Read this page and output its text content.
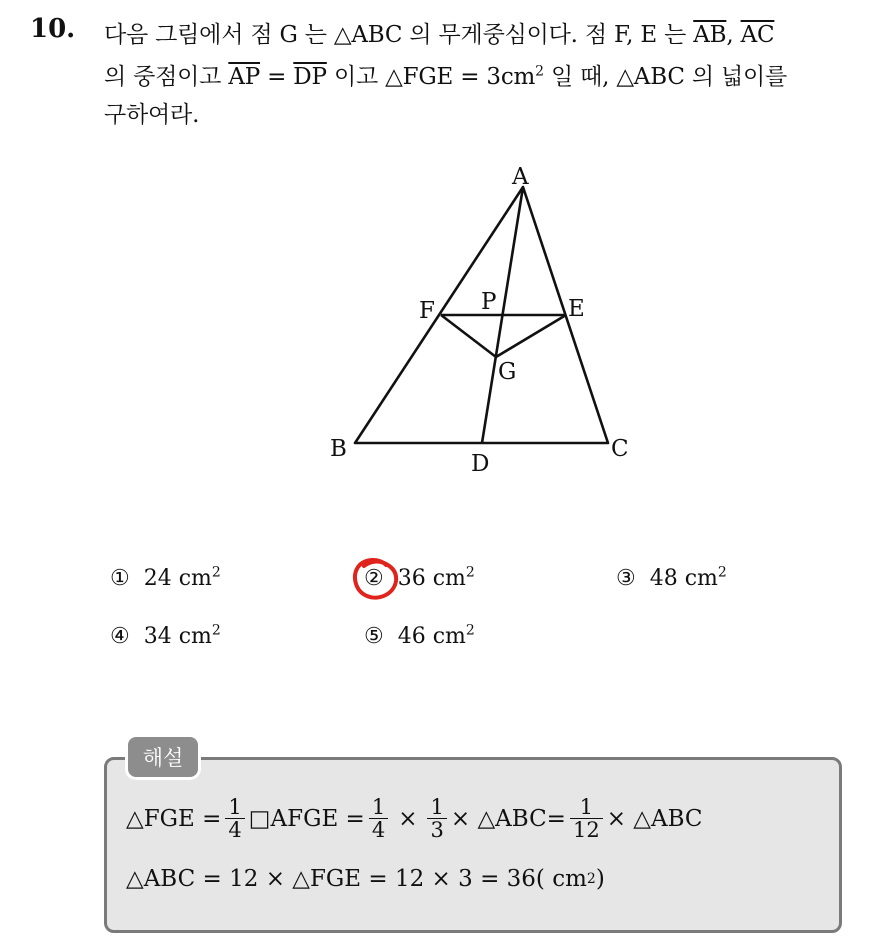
10. 다음 그림에서 점 G 는 △ABC 의 무게중심이다. 점 F, E 는 $\overline{AB}$, $\overline{AC}$
의 중점이고 $\overline{AP} = \overline{DP}$ 이고 △FGE = $3cm^2$ 일 때, △ABC 의 넓이를
구하여라.
A
B	C
D
E
F
G
P
① 24 $cm^2$	② 36 $cm^2$	③ 48 $cm^2$
④ 34 $cm^2$	⑤ 46 $cm^2$
해설
△FGE = $\frac{1}{4}$ □AFGE = $\frac{1}{4} \times \frac{1}{3}$ × △ABC= $\frac{1}{12}$ × △ABC
△ABC = 12 × △FGE = 12 × 3 = 36( cm 2 )
